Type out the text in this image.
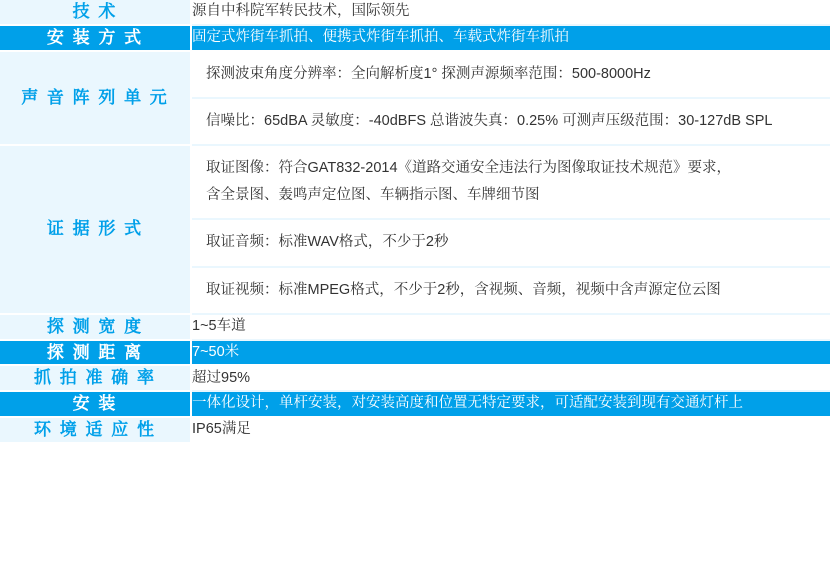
技 术	源自中科院军转民技术，国际领先
安 装 方 式	固定式炸街车抓拍、便携式炸街车抓拍、车载式炸街车抓拍
声 音 阵 列 单 元	探测波束角度分辨率：全向解析度1° 探测声源频率范围：500-8000Hz
信噪比：65dBA 灵敏度：-40dBFS 总谐波失真：0.25% 可测声压级范围：30-127dB SPL

证 据 形 式	取证图像：符合GAT832-2014《道路交通安全违法行为图像取证技术规范》要求，
含全景图、轰鸣声定位图、车辆指示图、车牌细节图
取证音频：标准WAV格式，不少于2秒
取证视频：标准MPEG格式，不少于2秒，含视频、音频，视频中含声源定位云图

探 测 宽 度	1~5车道
探 测 距 离	7~50米
抓 拍 准 确 率	超过95%
安 装	一体化设计，单杆安装，对安装高度和位置无特定要求，可适配安装到现有交通灯杆上
环 境 适 应 性	IP65满足
